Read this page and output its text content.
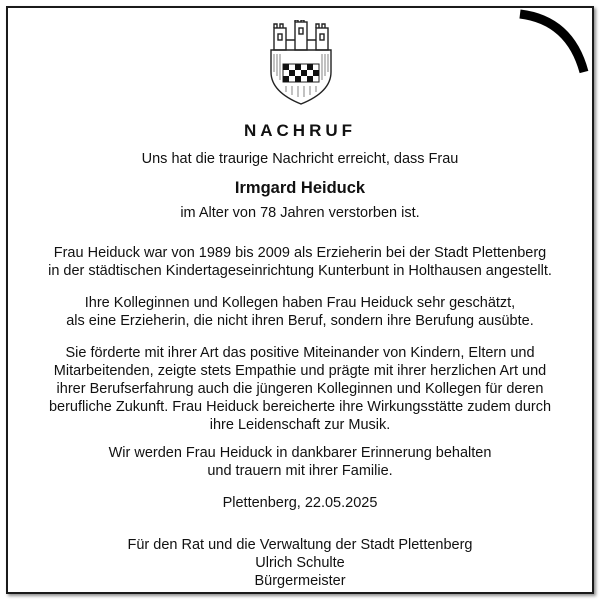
NACHRUF
Uns hat die traurige Nachricht erreicht, dass Frau
Irmgard Heiduck
im Alter von 78 Jahren verstorben ist.
Frau Heiduck war von 1989 bis 2009 als Erzieherin bei der Stadt Plettenberg
in der städtischen Kindertageseinrichtung Kunterbunt in Holthausen angestellt.
Ihre Kolleginnen und Kollegen haben Frau Heiduck sehr geschätzt,
als eine Erzieherin, die nicht ihren Beruf, sondern ihre Berufung ausübte.
Sie förderte mit ihrer Art das positive Miteinander von Kindern, Eltern und
Mitarbeitenden, zeigte stets Empathie und prägte mit ihrer herzlichen Art und
ihrer Berufserfahrung auch die jüngeren Kolleginnen und Kollegen für deren
berufliche Zukunft. Frau Heiduck bereicherte ihre Wirkungsstätte zudem durch
ihre Leidenschaft zur Musik.
Wir werden Frau Heiduck in dankbarer Erinnerung behalten
und trauern mit ihrer Familie.
Plettenberg, 22.05.2025
Für den Rat und die Verwaltung der Stadt Plettenberg
Ulrich Schulte
Bürgermeister
